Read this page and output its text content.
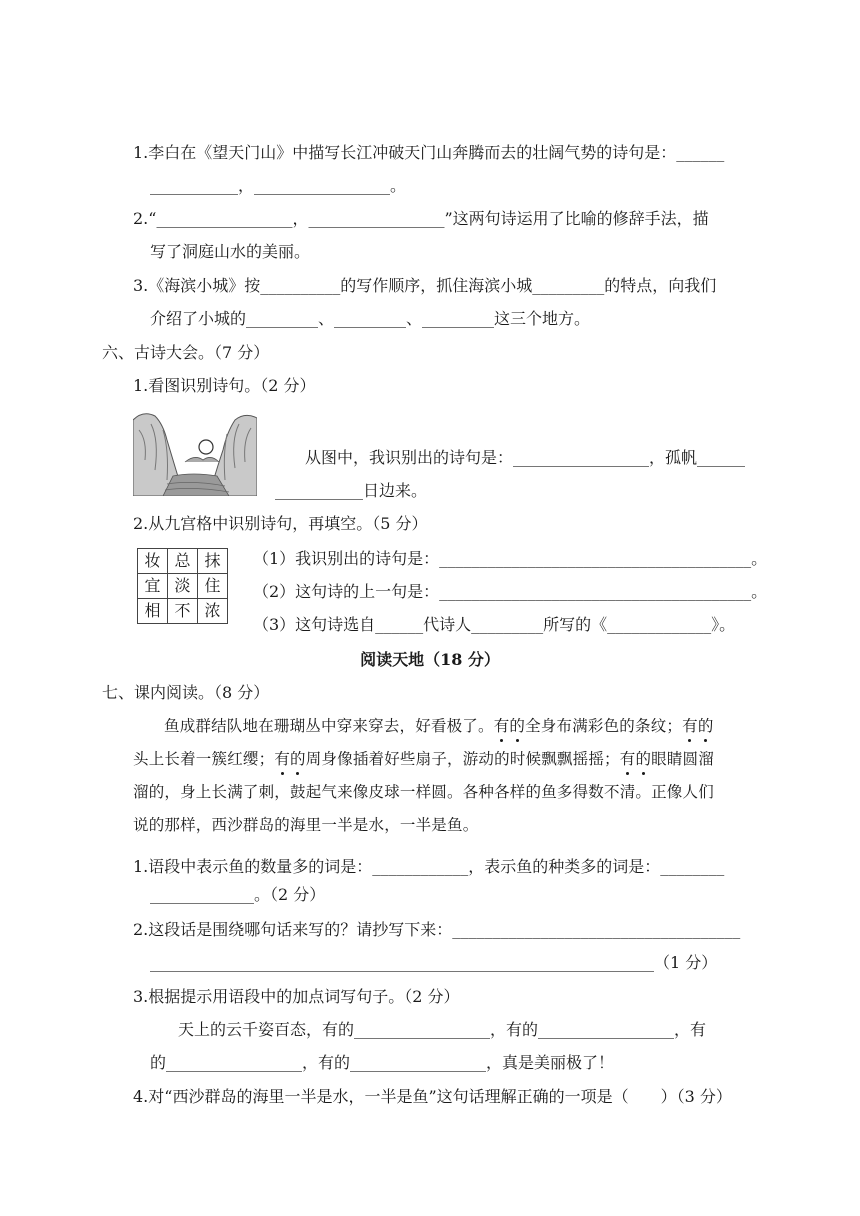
1.李白在《望天门山》中描写长江冲破天门山奔腾而去的壮阔气势的诗句是：______
___________，_________________。
2.“_________________，_________________”这两句诗运用了比喻的修辞手法，描
写了洞庭山水的美丽。
3.《海滨小城》按__________的写作顺序，抓住海滨小城_________的特点，向我们
介绍了小城的_________、_________、_________这三个地方。
六、古诗大会。（7 分）
1.看图识别诗句。（2 分）
从图中，我识别出的诗句是：_________________，孤帆______
___________日边来。
2.从九宫格中识别诗句，再填空。（5 分）
妆	总	抹
宜	淡	住
相	不	浓
（1）我识别出的诗句是：_______________________________________。
（2）这句诗的上一句是：_______________________________________。
（3）这句诗选自______代诗人_________所写的《_____________》。
阅读天地（18 分）
七、课内阅读。（8 分）
鱼成群结队地在珊瑚丛中穿来穿去，好看极了。有的全身布满彩色的条纹；有的
头上长着一簇红缨；有的周身像插着好些扇子，游动的时候飘飘摇摇；有的眼睛圆溜
溜的，身上长满了刺，鼓起气来像皮球一样圆。各种各样的鱼多得数不清。正像人们
说的那样，西沙群岛的海里一半是水，一半是鱼。
1.语段中表示鱼的数量多的词是：____________，表示鱼的种类多的词是：________
_____________。（2 分）
2.这段话是围绕哪句话来写的？请抄写下来：____________________________________
_______________________________________________________________（1 分）
3.根据提示用语段中的加点词写句子。（2 分）
天上的云千姿百态，有的_________________，有的_________________，有
的_________________，有的_________________，真是美丽极了！
4.对“西沙群岛的海里一半是水，一半是鱼”这句话理解正确的一项是（　　）（3 分）
